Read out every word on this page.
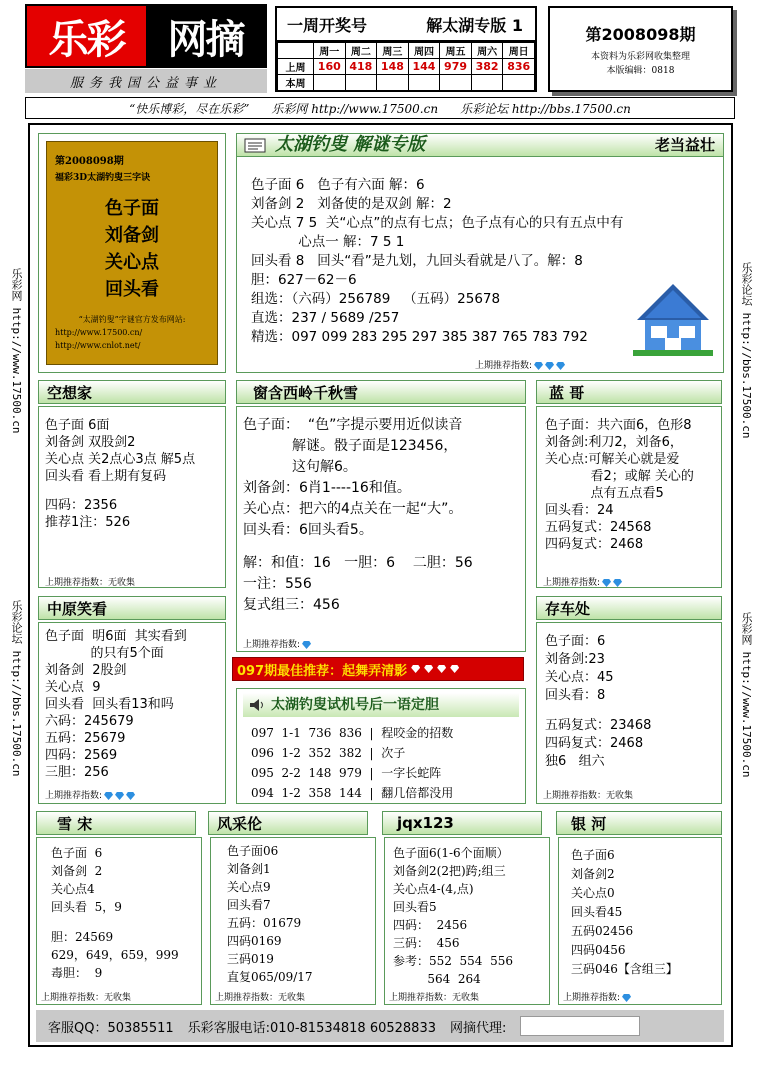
乐彩	网摘
服务我国公益事业
一周开奖号	解太湖专版 1
	周一	周二	周三	周四	周五	周六	周日
上周	160	418	148	144	979	382	836
本周							
第2008098期
本资料为乐彩网收集整理
本版编辑：0818
“快乐博彩，尽在乐彩” 乐彩网 http://www.17500.cn 乐彩论坛 http://bbs.17500.cn
乐彩网 http://www.17500.cn
乐彩论坛 http://bbs.17500.cn
乐彩论坛 http://bbs.17500.cn
乐彩网 http://www.17500.cn
第2008098期
福彩3D太湖钓叟三字诀
色子面
刘备剑
关心点
回头看
“太湖钓叟”字谜官方发布网站:
http://www.17500.cn/
http://www.cnlot.net/
太湖钓叟 解谜专版	老当益壮
色子面 6   色子有六面 解：6
刘备剑 2   刘备使的是双剑 解：2
关心点 7 5  关“心点”的点有七点；色子点有心的只有五点中有
心点一 解：7 5 1
回头看 8   回头“看”是九划，九回头看就是八了。解：8
胆：627－62－6
组选：（六码）256789   （五码）25678
直选：237 / 5689 /257
精选：097 099 283 295 297 385 387 765 783 792
上期推荐指数:
空想家
色子面 6面
刘备剑 双股剑2
关心点 关2点心3点 解5点
回头看 看上期有复码
四码：2356
推荐1注：526
上期推荐指数：无收集
窗含西岭千秋雪
色子面：  “色”字提示要用近似读音
解谜。骰子面是123456，
这句解6。
刘备剑：6肖1----16和值。
关心点：把六的4点关在一起“大”。
回头看：6回头看5。
解：和值：16   一胆：6    二胆：56
一注：556
复式组三：456
上期推荐指数:
蓝 哥
色子面：共六面6，色形8
刘备剑:利刀2，刘备6，
关心点:可解关心就是爱
看2；或解 关心的
点有五点看5
回头看：24
五码复式：24568
四码复式：2468
上期推荐指数:
中原笑看
色子面  明6面  其实看到
的只有5个面
刘备剑  2股剑
关心点  9
回头看  回头看13和吗
六码：245679
五码：25679
四码：2569
三胆：256
上期推荐指数:
097期最佳推荐：起舞弄清影
太湖钓叟试机号后一语定胆
097  1-1  736  836  |  程咬金的招数
096  1-2  352  382  |  次子
095  2-2  148  979  |  一字长蛇阵
094  1-2  358  144  |  翻几倍都没用
存车处
色子面：6
刘备剑:23
关心点：45
回头看：8
五码复式：23468
四码复式：2468
独6   组六
上期推荐指数：无收集
雪 宋
色子面  6
刘备剑  2
关心点4
回头看  5，9
胆：24569
629，649，659，999
毒胆：  9
上期推荐指数：无收集
风采伦
色子面06
刘备剑1
关心点9
回头看7
五码：01679
四码0169
三码019
直复065/09/17
上期推荐指数：无收集
jqx123
色子面6(1-6个面顺）
刘备剑2(2把)跨;组三
关心点4-(4,点)
回头看5
四码：  2456
三码：  456
参考：552  554  556
564  264
上期推荐指数：无收集
银 河
色子面6
刘备剑2
关心点0
回头看45
五码02456
四码0456
三码046【含组三】
上期推荐指数:
客服QQ：50385511 乐彩客服电话:010-81534818 60528833 网摘代理:
